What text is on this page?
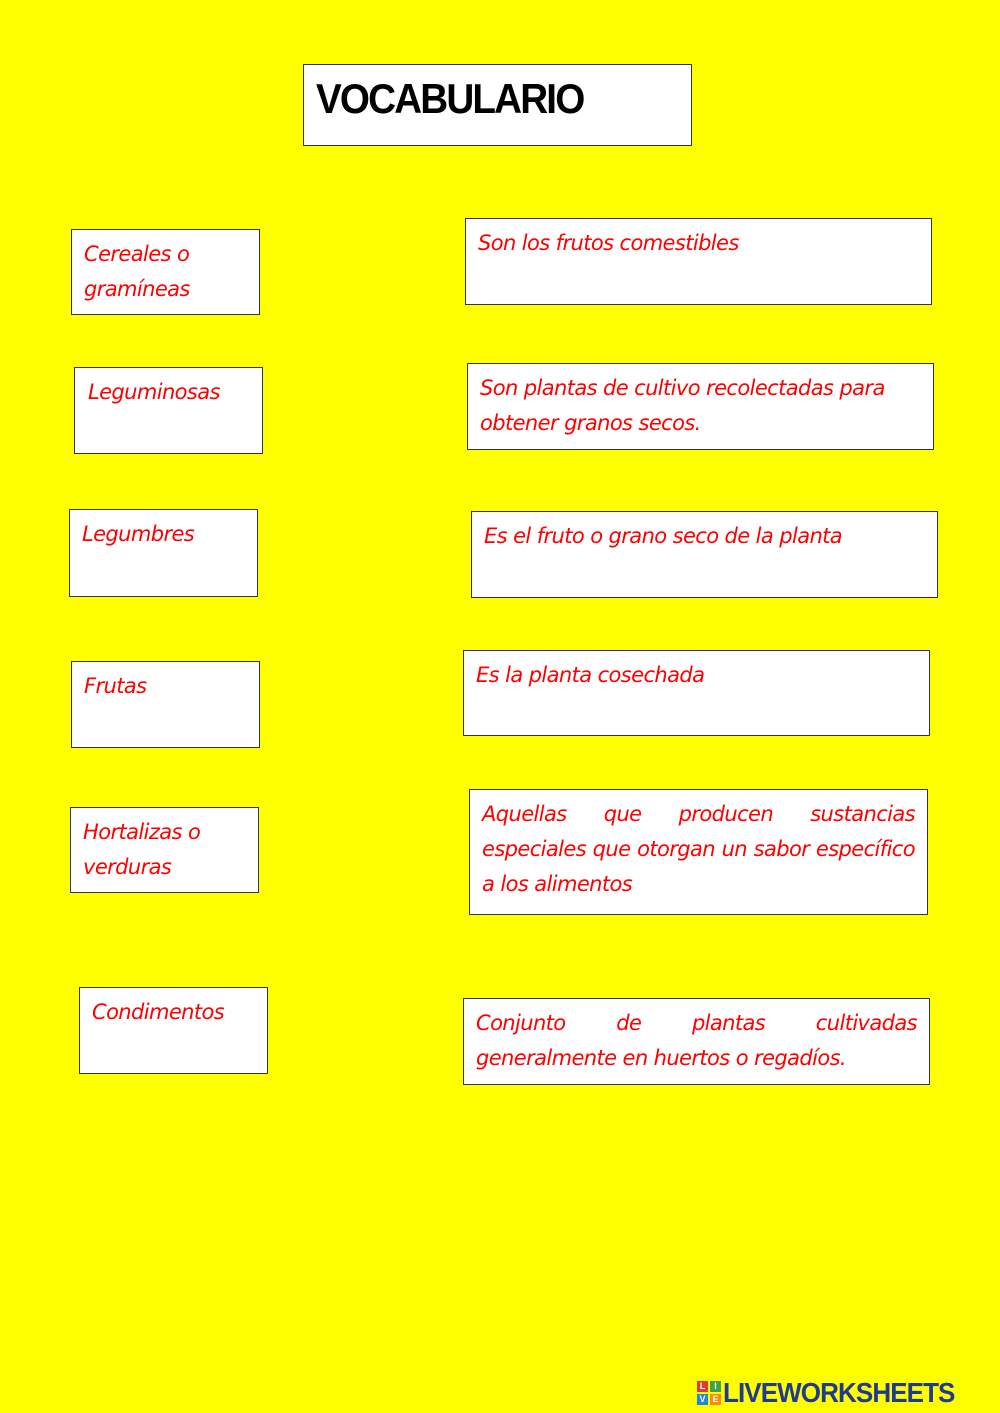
VOCABULARIO
Cereales o gramíneas
Leguminosas
Legumbres
Frutas
Hortalizas o verduras
Condimentos
Son los frutos comestibles
Son plantas de cultivo recolectadas para obtener granos secos.
Es el fruto o grano seco de la planta
Es la planta cosechada
Aquellas que producen sustancias especiales que otorgan un sabor específico a los alimentos
Conjunto de plantas cultivadas generalmente en huertos o regadíos.
L I
V E LIVEWORKSHEETS
